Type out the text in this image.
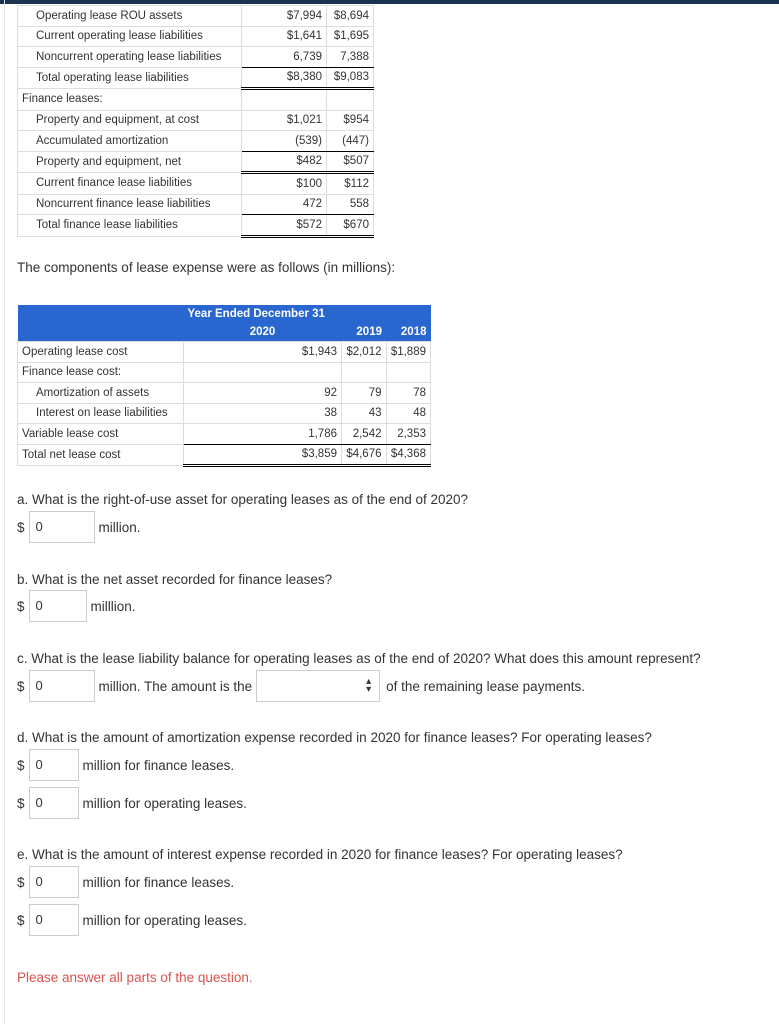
Operating lease ROU assets	$7,994	$8,694
Current operating lease liabilities	$1,641	$1,695
Noncurrent operating lease liabilities	6,739	7,388
Total operating lease liabilities	$8,380	$9,083
Finance leases:		
Property and equipment, at cost	$1,021	$954
Accumulated amortization	(539)	(447)
Property and equipment, net	$482	$507
Current finance lease liabilities	$100	$112
Noncurrent finance lease liabilities	472	558
Total finance lease liabilities	$572	$670
The components of lease expense were as follows (in millions):
	Year Ended December 31		
	2020	2019	2018
Operating lease cost	$1,943	$2,012	$1,889
Finance lease cost:			
Amortization of assets	92	79	78
Interest on lease liabilities	38	43	48
Variable lease cost	1,786	2,542	2,353
Total net lease cost	$3,859	$4,676	$4,368
a. What is the right-of-use asset for operating leases as of the end of 2020?
$ 0	million.
b. What is the net asset recorded for finance leases?
$ 0	milllion.
c. What is the lease liability balance for operating leases as of the end of 2020? What does this amount represent?
$ 0	million. The amount is the	▴
▾ of the remaining lease payments.
d. What is the amount of amortization expense recorded in 2020 for finance leases? For operating leases?
$ 0	million for finance leases.
$ 0	million for operating leases.
e. What is the amount of interest expense recorded in 2020 for finance leases? For operating leases?
$ 0	million for finance leases.
$ 0	million for operating leases.
Please answer all parts of the question.
